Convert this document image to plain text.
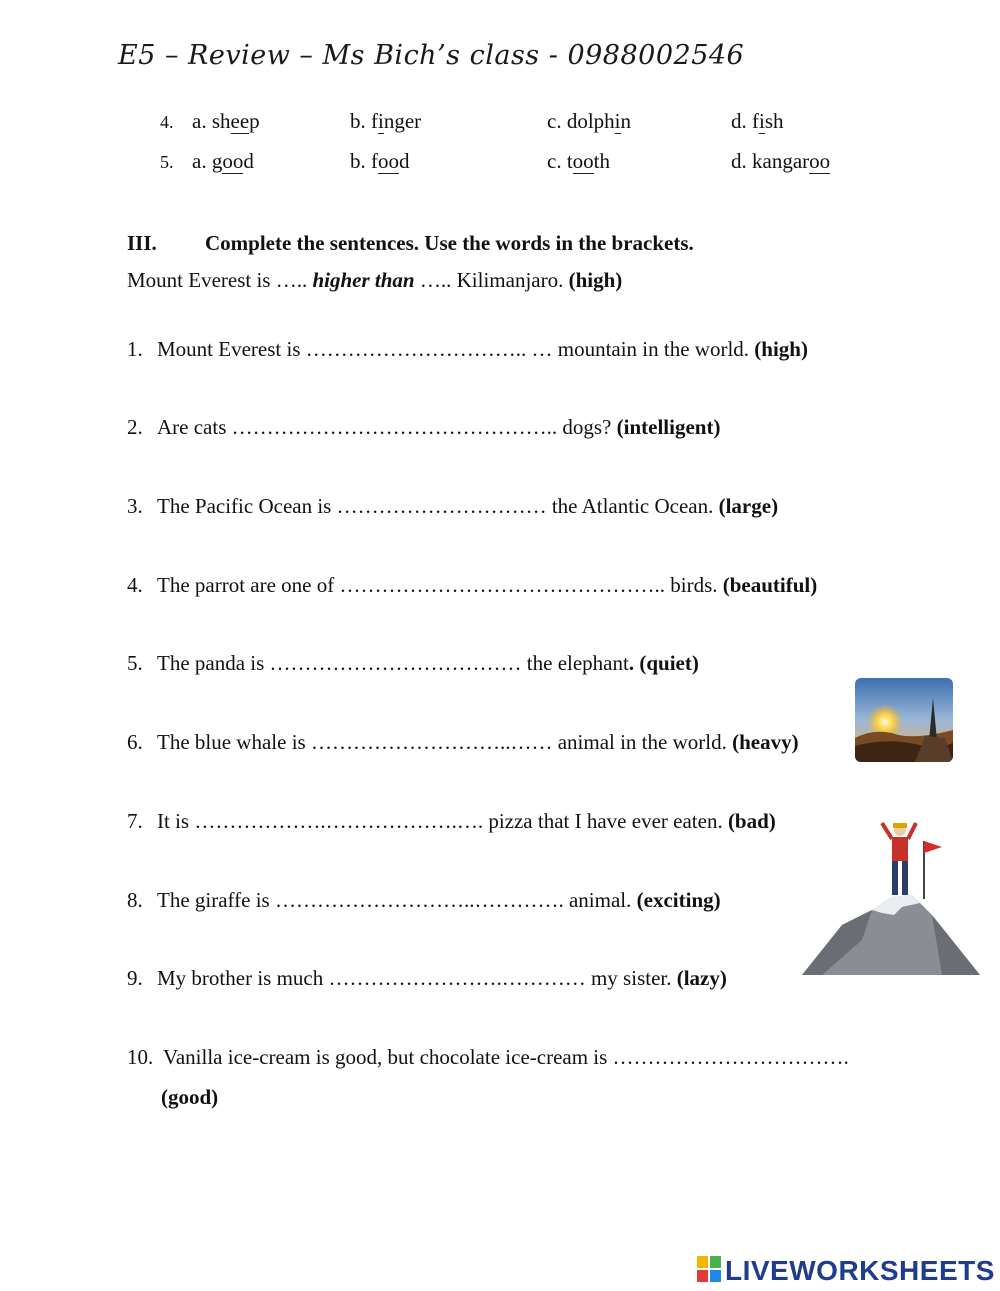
E5 – Review – Ms Bich’s class - 0988002546
4. a. sheep	b. finger	c. dolphin	d. fish
5. a. good	b. food	c. tooth	d. kangaroo
III. Complete the sentences. Use the words in the brackets.
Mount Everest is ….. higher than ….. Kilimanjaro. (high)
1. Mount Everest is ………………………….. … mountain in the world. (high)
2. Are cats ……………………………………….. dogs? (intelligent)
3. The Pacific Ocean is ………………………… the Atlantic Ocean. (large)
4. The parrot are one of ……………………………………….. birds. (beautiful)
5. The panda is ……………………………… the elephant. (quiet)
6. The blue whale is ………………………..…… animal in the world. (heavy)
7. It is ……………….……………….…. pizza that I have ever eaten. (bad)
8. The giraffe is ………………………..…………. animal. (exciting)
9. My brother is much …………………….………… my sister. (lazy)
10. Vanilla ice-cream is good, but chocolate ice-cream is …………………………….
(good)
LIVEWORKSHEETS
